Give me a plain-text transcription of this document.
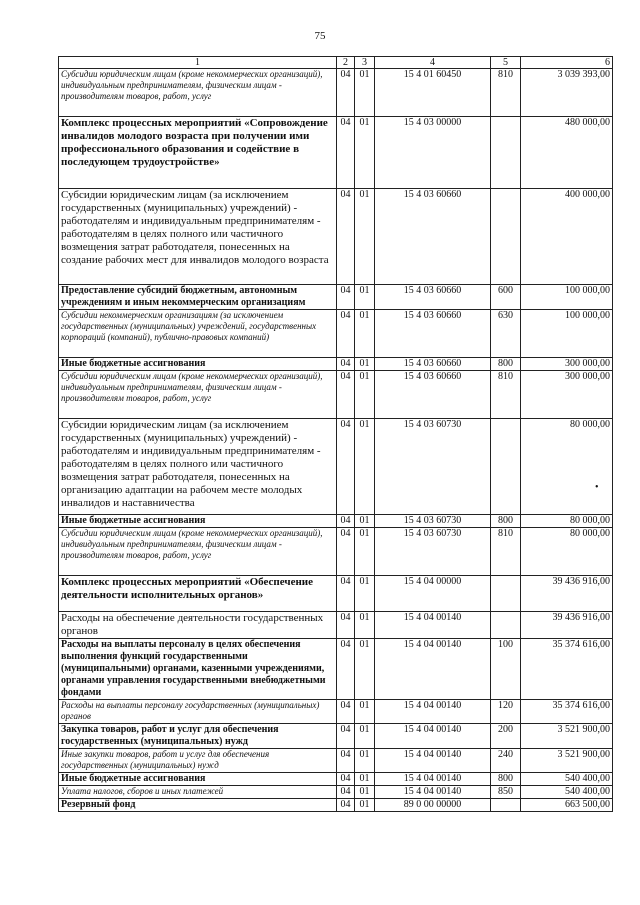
75
1	2	3	4	5	6
Субсидии юридическим лицам (кроме некоммерческих организаций), индивидуальным предпринимателям, физическим лицам - производителям товаров, работ, услуг	04	01	15 4 01 60450	810	3 039 393,00
Комплекс процессных мероприятий «Сопровождение инвалидов молодого возраста при получении ими профессионального образования и содействие в последующем трудоустройстве»	04	01	15 4 03 00000		480 000,00
Субсидии юридическим лицам (за исключением государственных (муниципальных) учреждений) - работодателям и индивидуальным предпринимателям - работодателям в целях полного или частичного возмещения затрат работодателя, понесенных на создание рабочих мест для инвалидов молодого возраста	04	01	15 4 03 60660		400 000,00
Предоставление субсидий бюджетным, автономным учреждениям и иным некоммерческим организациям	04	01	15 4 03 60660	600	100 000,00
Субсидии некоммерческим организациям (за исключением государственных (муниципальных) учреждений, государственных корпораций (компаний), публично-правовых компаний)	04	01	15 4 03 60660	630	100 000,00
Иные бюджетные ассигнования	04	01	15 4 03 60660	800	300 000,00
Субсидии юридическим лицам (кроме некоммерческих организаций), индивидуальным предпринимателям, физическим лицам - производителям товаров, работ, услуг	04	01	15 4 03 60660	810	300 000,00
Субсидии юридическим лицам (за исключением государственных (муниципальных) учреждений) - работодателям и индивидуальным предпринимателям - работодателям в целях полного или частичного возмещения затрат работодателя, понесенных на организацию адаптации на рабочем месте молодых инвалидов и наставничества	04	01	15 4 03 60730		80 000,00
Иные бюджетные ассигнования	04	01	15 4 03 60730	800	80 000,00
Субсидии юридическим лицам (кроме некоммерческих организаций), индивидуальным предпринимателям, физическим лицам - производителям товаров, работ, услуг	04	01	15 4 03 60730	810	80 000,00
Комплекс процессных мероприятий «Обеспечение деятельности исполнительных органов»	04	01	15 4 04 00000		39 436 916,00
Расходы на обеспечение деятельности государственных органов	04	01	15 4 04 00140		39 436 916,00
Расходы на выплаты персоналу в целях обеспечения выполнения функций государственными (муниципальными) органами, казенными учреждениями, органами управления государственными внебюджетными фондами	04	01	15 4 04 00140	100	35 374 616,00
Расходы на выплаты персоналу государственных (муниципальных) органов	04	01	15 4 04 00140	120	35 374 616,00
Закупка товаров, работ и услуг для обеспечения государственных (муниципальных) нужд	04	01	15 4 04 00140	200	3 521 900,00
Иные закупки товаров, работ и услуг для обеспечения государственных (муниципальных) нужд	04	01	15 4 04 00140	240	3 521 900,00
Иные бюджетные ассигнования	04	01	15 4 04 00140	800	540 400,00
Уплата налогов, сборов и иных платежей	04	01	15 4 04 00140	850	540 400,00
Резервный фонд	04	01	89 0 00 00000		663 500,00
•
